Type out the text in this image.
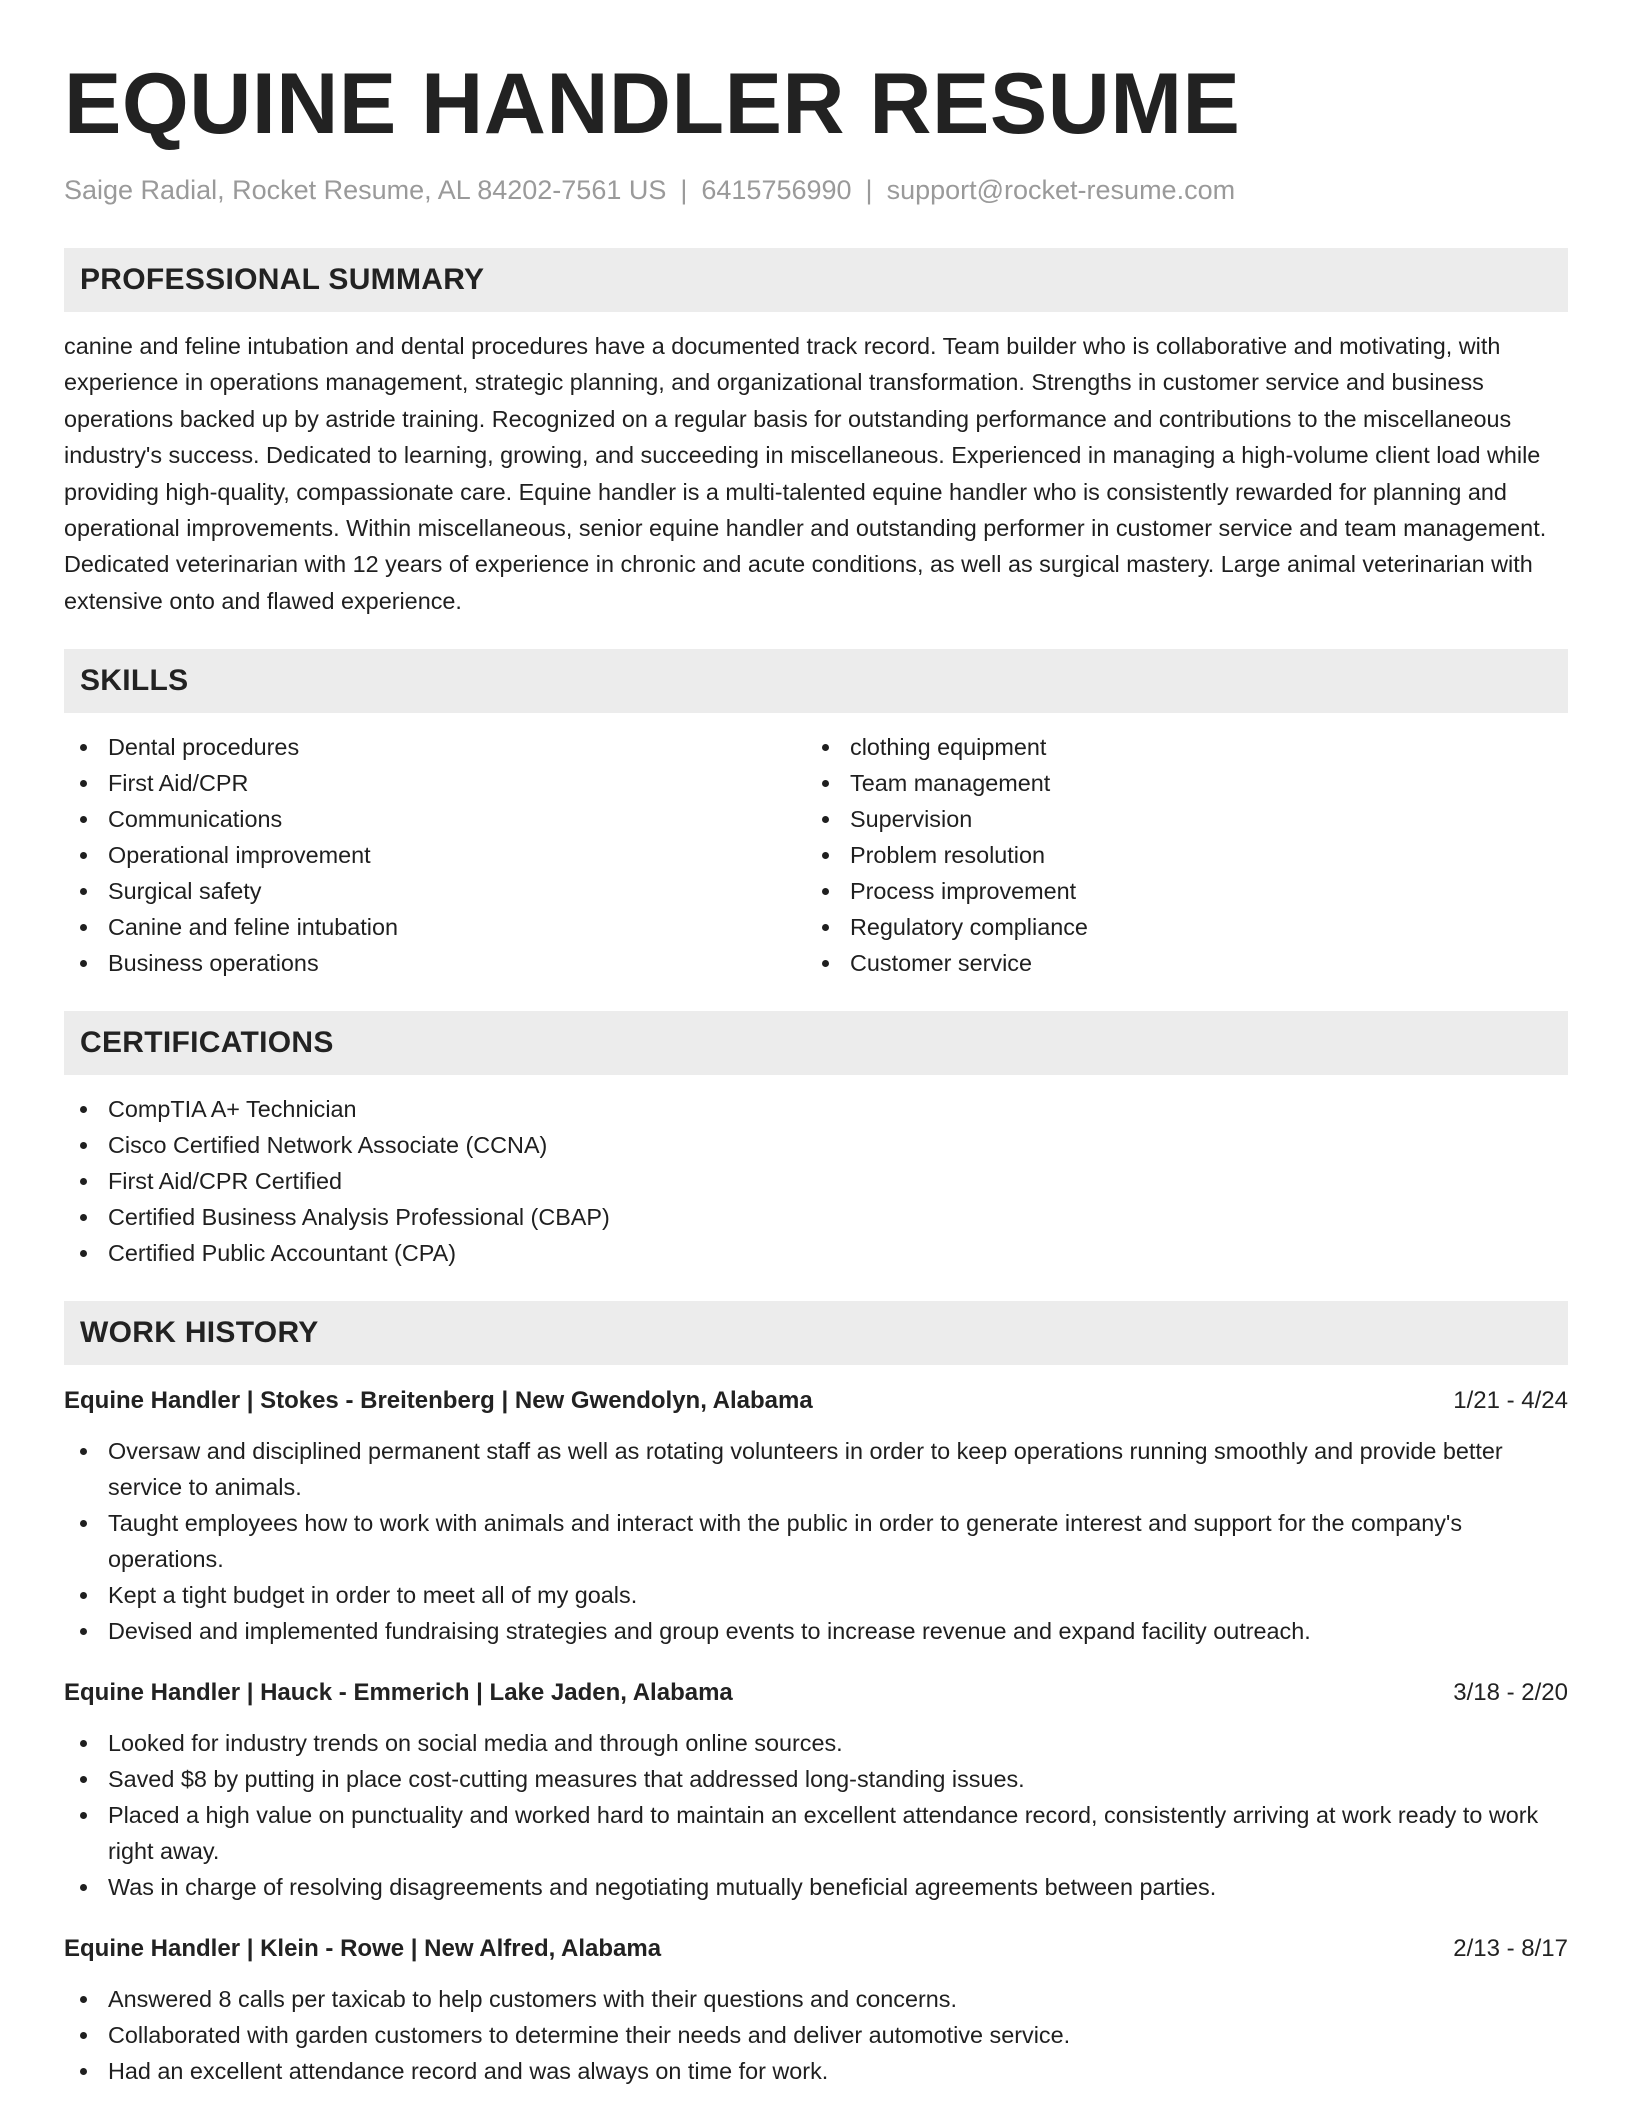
EQUINE HANDLER RESUME
Saige Radial, Rocket Resume, AL 84202-7561 US | 6415756990 | support@rocket-resume.com
PROFESSIONAL SUMMARY

canine and feline intubation and dental procedures have a documented track record. Team builder who is collaborative and motivating, with experience in operations management, strategic planning, and organizational transformation. Strengths in customer service and business operations backed up by astride training. Recognized on a regular basis for outstanding performance and contributions to the miscellaneous industry's success. Dedicated to learning, growing, and succeeding in miscellaneous. Experienced in managing a high-volume client load while providing high-quality, compassionate care. Equine handler is a multi-talented equine handler who is consistently rewarded for planning and operational improvements. Within miscellaneous, senior equine handler and outstanding performer in customer service and team management. Dedicated veterinarian with 12 years of experience in chronic and acute conditions, as well as surgical mastery. Large animal veterinarian with extensive onto and flawed experience.

SKILLS
Dental procedures
First Aid/CPR
Communications
Operational improvement
Surgical safety
Canine and feline intubation
Business operations
clothing equipment
Team management
Supervision
Problem resolution
Process improvement
Regulatory compliance
Customer service
CERTIFICATIONS
CompTIA A+ Technician
Cisco Certified Network Associate (CCNA)
First Aid/CPR Certified
Certified Business Analysis Professional (CBAP)
Certified Public Accountant (CPA)
WORK HISTORY
Equine Handler | Stokes - Breitenberg | New Gwendolyn, Alabama	1/21 - 4/24
Oversaw and disciplined permanent staff as well as rotating volunteers in order to keep operations running smoothly and provide better service to animals.
Taught employees how to work with animals and interact with the public in order to generate interest and support for the company's operations.
Kept a tight budget in order to meet all of my goals.
Devised and implemented fundraising strategies and group events to increase revenue and expand facility outreach.
Equine Handler | Hauck - Emmerich | Lake Jaden, Alabama	3/18 - 2/20
Looked for industry trends on social media and through online sources.
Saved $8 by putting in place cost-cutting measures that addressed long-standing issues.
Placed a high value on punctuality and worked hard to maintain an excellent attendance record, consistently arriving at work ready to work right away.
Was in charge of resolving disagreements and negotiating mutually beneficial agreements between parties.
Equine Handler | Klein - Rowe | New Alfred, Alabama	2/13 - 8/17
Answered 8 calls per taxicab to help customers with their questions and concerns.
Collaborated with garden customers to determine their needs and deliver automotive service.
Had an excellent attendance record and was always on time for work.
